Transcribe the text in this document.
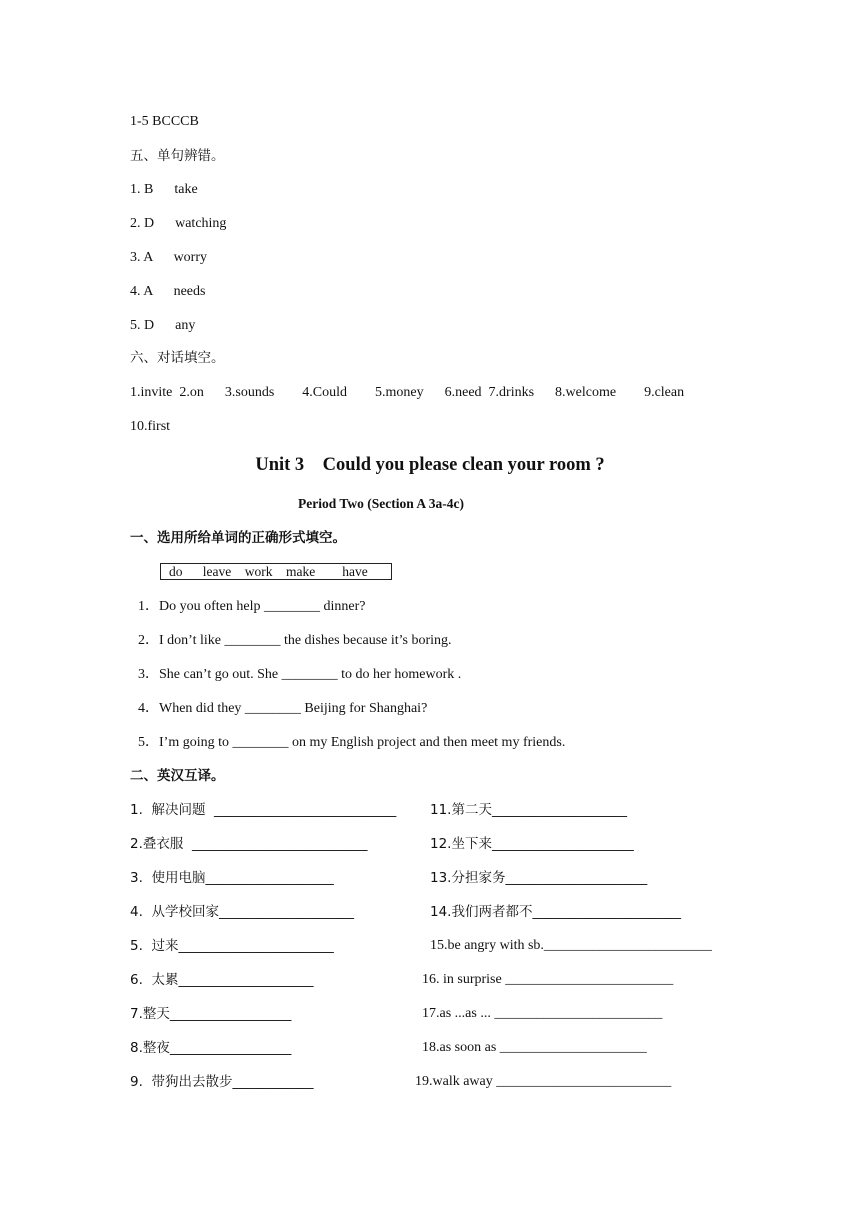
1-5 BCCCB
五、单句辨错。
1. B      take
2. D      watching
3. A      worry
4. A      needs
5. D      any
六、对话填空。
1.invite  2.on      3.sounds        4.Could        5.money      6.need  7.drinks      8.welcome        9.clean
10.first
Unit 3    Could you please clean your room ?
Period Two (Section A 3a-4c)
一、选用所给单词的正确形式填空。
do      leave    work    make        have
1．Do you often help ________ dinner?
2．I don’t like ________ the dishes because it’s boring.
3．She can’t go out. She ________ to do her homework .
4．When did they ________ Beijing for Shanghai?
5．I’m going to ________ on my English project and then meet my friends.
二、英汉互译。
1.  解决问题  ___________________________
2.叠衣服  __________________________
3.  使用电脑___________________
4.  从学校回家____________________
5.  过来_______________________
6.  太累____________________
7.整天__________________
8.整夜__________________
9.  带狗出去散步____________
11.第二天____________________
12.坐下来_____________________
13.分担家务_____________________
14.我们两者都不______________________
15.be angry with sb.________________________
16. in surprise ________________________
17.as ...as ... ________________________
18.as soon as _____________________
19.walk away _________________________
